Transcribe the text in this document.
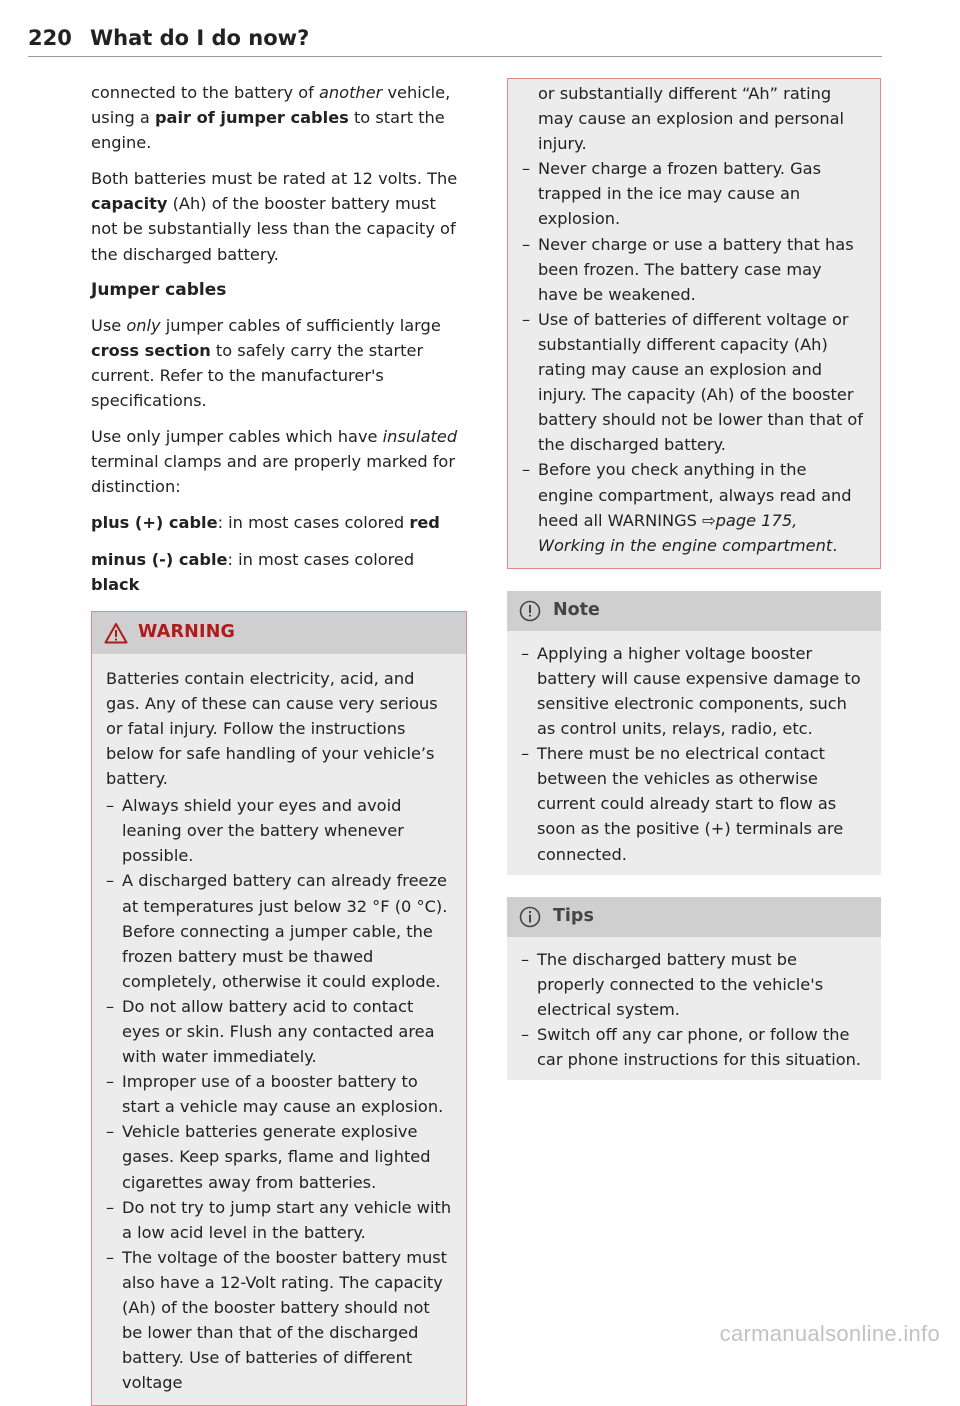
220 What do I do now?

connected to the battery of another vehicle, using a pair of jumper cables to start the engine.

Both batteries must be rated at 12 volts. The capacity (Ah) of the booster battery must not be substantially less than the capacity of the discharged battery.

Jumper cables

Use only jumper cables of sufficiently large cross section to safely carry the starter current. Refer to the manufacturer's specifications.

Use only jumper cables which have insulated terminal clamps and are properly marked for distinction:

plus (+) cable: in most cases colored red

minus (-) cable: in most cases colored black

WARNING

Batteries contain electricity, acid, and gas. Any of these can cause very serious or fatal injury. Follow the instructions below for safe handling of your vehicle’s battery.

– Always shield your eyes and avoid leaning over the battery whenever possible.
– A discharged battery can already freeze at temperatures just below 32 °F (0 °C). Before connecting a jumper cable, the frozen battery must be thawed completely, otherwise it could explode.
– Do not allow battery acid to contact eyes or skin. Flush any contacted area with water immediately.
– Improper use of a booster battery to start a vehicle may cause an explosion.
– Vehicle batteries generate explosive gases. Keep sparks, flame and lighted cigarettes away from batteries.
– Do not try to jump start any vehicle with a low acid level in the battery.
– The voltage of the booster battery must also have a 12-Volt rating. The capacity (Ah) of the booster battery should not be lower than that of the discharged battery. Use of batteries of different voltage
or substantially different “Ah” rating may cause an explosion and personal injury.
– Never charge a frozen battery. Gas trapped in the ice may cause an explosion.
– Never charge or use a battery that has been frozen. The battery case may have be weakened.
– Use of batteries of different voltage or substantially different capacity (Ah) rating may cause an explosion and injury. The capacity (Ah) of the booster battery should not be lower than that of the discharged battery.
– Before you check anything in the engine compartment, always read and heed all WARNINGS ⇨page 175, Working in the engine compartment.
Note
– Applying a higher voltage booster battery will cause expensive damage to sensitive electronic components, such as control units, relays, radio, etc.
– There must be no electrical contact between the vehicles as otherwise current could already start to flow as soon as the positive (+) terminals are connected.
Tips
– The discharged battery must be properly connected to the vehicle's electrical system.
– Switch off any car phone, or follow the car phone instructions for this situation.
carmanualsonline.info
